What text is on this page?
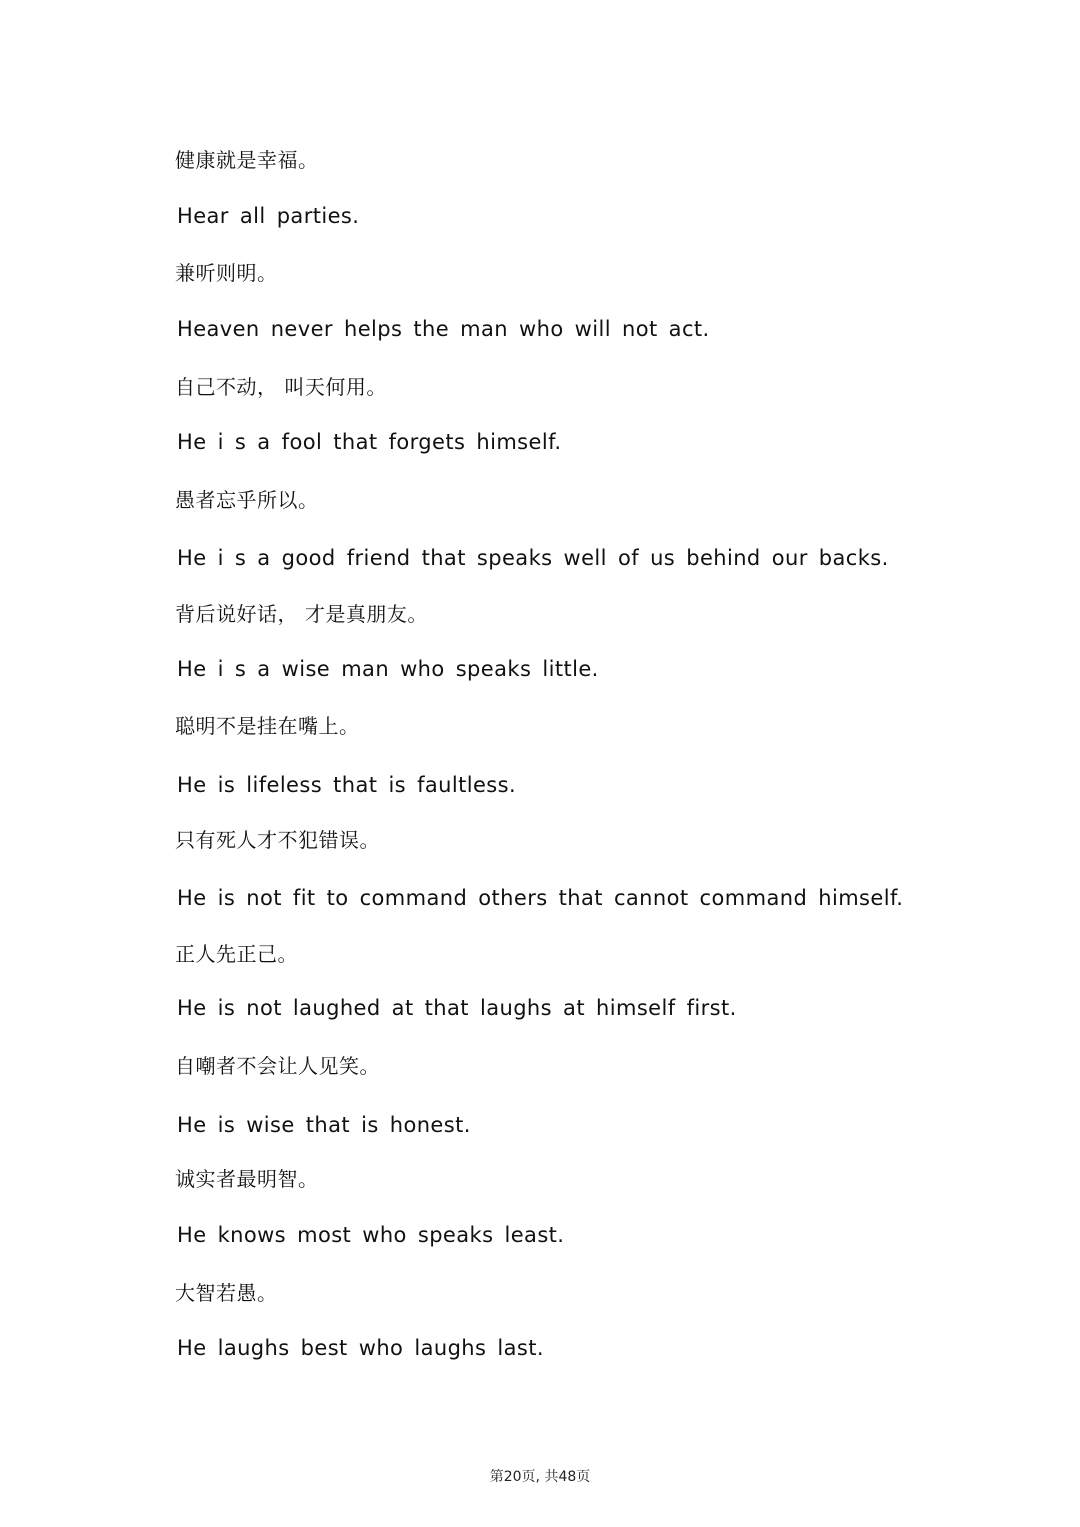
健康就是幸福。
Hear all parties.
兼听则明。
Heaven never helps the man who will not act.
自己不动， 叫天何用。
He i s a fool that forgets himself.
愚者忘乎所以。
He i s a good friend that speaks well of us behind our backs.
背后说好话， 才是真朋友。
He i s a wise man who speaks little.
聪明不是挂在嘴上。
He is lifeless that is faultless.
只有死人才不犯错误。
He is not fit to command others that cannot command himself.
正人先正己。
He is not laughed at that laughs at himself first.
自嘲者不会让人见笑。
He is wise that is honest.
诚实者最明智。
He knows most who speaks least.
大智若愚。
He laughs best who laughs last.
第20页, 共48页
